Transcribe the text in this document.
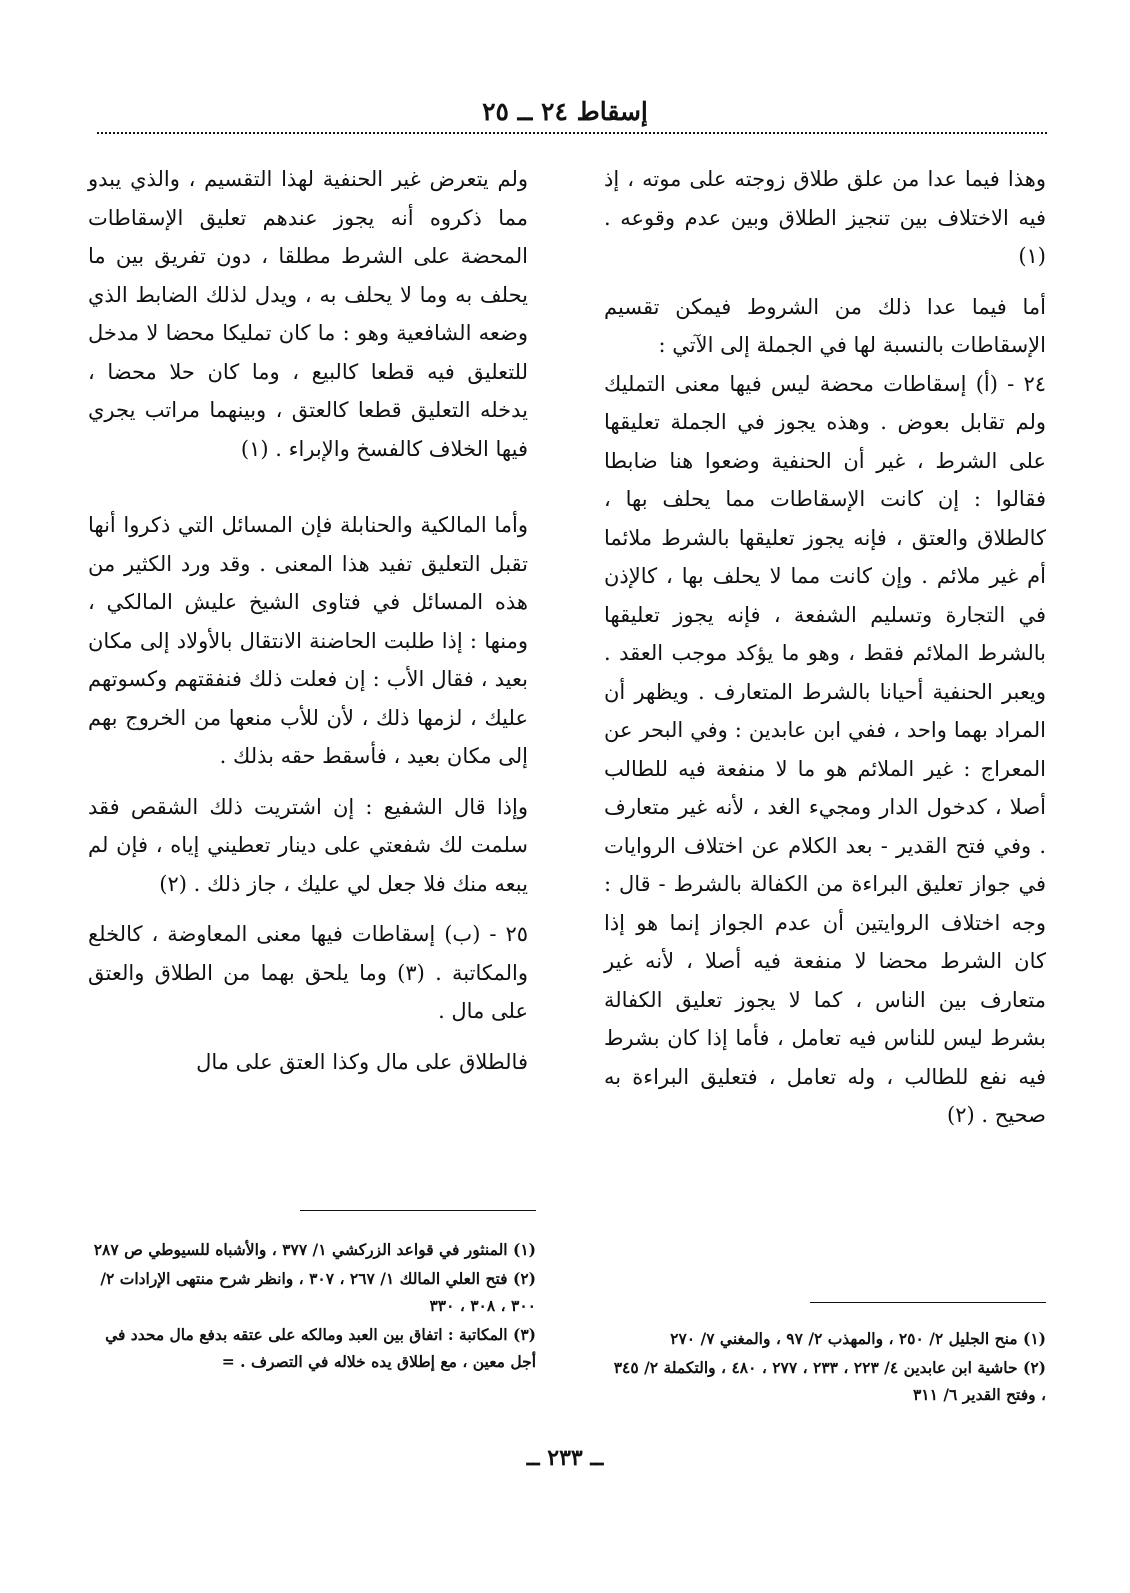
إسقاط ٢٤ ــ ٢٥

وهذا فيما عدا من علق طلاق زوجته على موته ، إذ فيه الاختلاف بين تنجيز الطلاق وبين عدم وقوعه . (١)

أما فيما عدا ذلك من الشروط فيمكن تقسيم الإسقاطات بالنسبة لها في الجملة إلى الآتي :

٢٤ - (أ) إسقاطات محضة ليس فيها معنى التمليك ولم تقابل بعوض . وهذه يجوز في الجملة تعليقها على الشرط ، غير أن الحنفية وضعوا هنا ضابطا فقالوا : إن كانت الإسقاطات مما يحلف بها ، كالطلاق والعتق ، فإنه يجوز تعليقها بالشرط ملائما أم غير ملائم . وإن كانت مما لا يحلف بها ، كالإذن في التجارة وتسليم الشفعة ، فإنه يجوز تعليقها بالشرط الملائم فقط ، وهو ما يؤكد موجب العقد . ويعبر الحنفية أحيانا بالشرط المتعارف . ويظهر أن المراد بهما واحد ، ففي ابن عابدين : وفي البحر عن المعراج : غير الملائم هو ما لا منفعة فيه للطالب أصلا ، كدخول الدار ومجيء الغد ، لأنه غير متعارف . وفي فتح القدير - بعد الكلام عن اختلاف الروايات في جواز تعليق البراءة من الكفالة بالشرط - قال : وجه اختلاف الروايتين أن عدم الجواز إنما هو إذا كان الشرط محضا لا منفعة فيه أصلا ، لأنه غير متعارف بين الناس ، كما لا يجوز تعليق الكفالة بشرط ليس للناس فيه تعامل ، فأما إذا كان بشرط فيه نفع للطالب ، وله تعامل ، فتعليق البراءة به صحيح . (٢)

ولم يتعرض غير الحنفية لهذا التقسيم ، والذي يبدو مما ذكروه أنه يجوز عندهم تعليق الإسقاطات المحضة على الشرط مطلقا ، دون تفريق بين ما يحلف به وما لا يحلف به ، ويدل لذلك الضابط الذي وضعه الشافعية وهو : ما كان تمليكا محضا لا مدخل للتعليق فيه قطعا كالبيع ، وما كان حلا محضا ، يدخله التعليق قطعا كالعتق ، وبينهما مراتب يجري فيها الخلاف كالفسخ والإبراء . (١)

وأما المالكية والحنابلة فإن المسائل التي ذكروا أنها تقبل التعليق تفيد هذا المعنى . وقد ورد الكثير من هذه المسائل في فتاوى الشيخ عليش المالكي ، ومنها : إذا طلبت الحاضنة الانتقال بالأولاد إلى مكان بعيد ، فقال الأب : إن فعلت ذلك فنفقتهم وكسوتهم عليك ، لزمها ذلك ، لأن للأب منعها من الخروج بهم إلى مكان بعيد ، فأسقط حقه بذلك .

وإذا قال الشفيع : إن اشتريت ذلك الشقص فقد سلمت لك شفعتي على دينار تعطيني إياه ، فإن لم يبعه منك فلا جعل لي عليك ، جاز ذلك . (٢)

٢٥ - (ب) إسقاطات فيها معنى المعاوضة ، كالخلع والمكاتبة . (٣) وما يلحق بهما من الطلاق والعتق على مال .

فالطلاق على مال وكذا العتق على مال

(١) منح الجليل ٢/ ٢٥٠ ، والمهذب ٢/ ٩٧ ، والمغني ٧/ ٢٧٠

(٢) حاشية ابن عابدين ٤/ ٢٢٣ ، ٢٣٣ ، ٢٧٧ ، ٤٨٠ ، والتكملة ٢/ ٣٤٥ ، وفتح القدير ٦/ ٣١١

(١) المنثور في قواعد الزركشي ١/ ٣٧٧ ، والأشباه للسيوطي ص ٢٨٧

(٢) فتح العلي المالك ١/ ٢٦٧ ، ٣٠٧ ، وانظر شرح منتهى الإرادات ٢/ ٣٠٠ ، ٣٠٨ ، ٣٣٠

(٣) المكاتبة : اتفاق بين العبد ومالكه على عتقه بدفع مال محدد في أجل معين ، مع إطلاق يده خلاله في التصرف . =

ــ ٢٣٣ ــ
